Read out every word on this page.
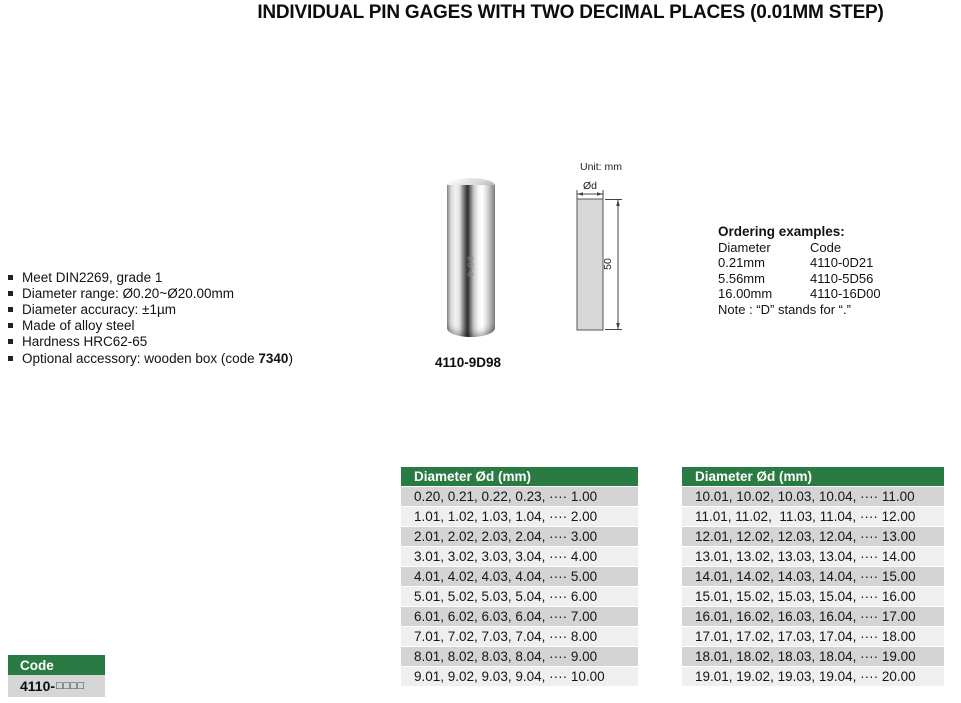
INDIVIDUAL PIN GAGES WITH TWO DECIMAL PLACES (0.01MM STEP)
Meet DIN2269, grade 1
Diameter range: Ø0.20~Ø20.00mm
Diameter accuracy: ±1µm
Made of alloy steel
Hardness HRC62-65
Optional accessory: wooden box (code 7340)
9.98
4110-9D98
Unit: mm
Ød
50
Ordering examples:
Diameter	Code
0.21mm	4110-0D21
5.56mm	4110-5D56
16.00mm	4110-16D00
Note : “D” stands for “.”
Diameter Ød (mm)
0.20, 0.21, 0.22, 0.23, ···· 1.00
1.01, 1.02, 1.03, 1.04, ···· 2.00
2.01, 2.02, 2.03, 2.04, ···· 3.00
3.01, 3.02, 3.03, 3.04, ···· 4.00
4.01, 4.02, 4.03, 4.04, ···· 5.00
5.01, 5.02, 5.03, 5.04, ···· 6.00
6.01, 6.02, 6.03, 6.04, ···· 7.00
7.01, 7.02, 7.03, 7.04, ···· 8.00
8.01, 8.02, 8.03, 8.04, ···· 9.00
9.01, 9.02, 9.03, 9.04, ···· 10.00
Diameter Ød (mm)
10.01, 10.02, 10.03, 10.04, ···· 11.00
11.01, 11.02,  11.03, 11.04, ···· 12.00
12.01, 12.02, 12.03, 12.04, ···· 13.00
13.01, 13.02, 13.03, 13.04, ···· 14.00
14.01, 14.02, 14.03, 14.04, ···· 15.00
15.01, 15.02, 15.03, 15.04, ···· 16.00
16.01, 16.02, 16.03, 16.04, ···· 17.00
17.01, 17.02, 17.03, 17.04, ···· 18.00
18.01, 18.02, 18.03, 18.04, ···· 19.00
19.01, 19.02, 19.03, 19.04, ···· 20.00
Code
4110- □□□□
